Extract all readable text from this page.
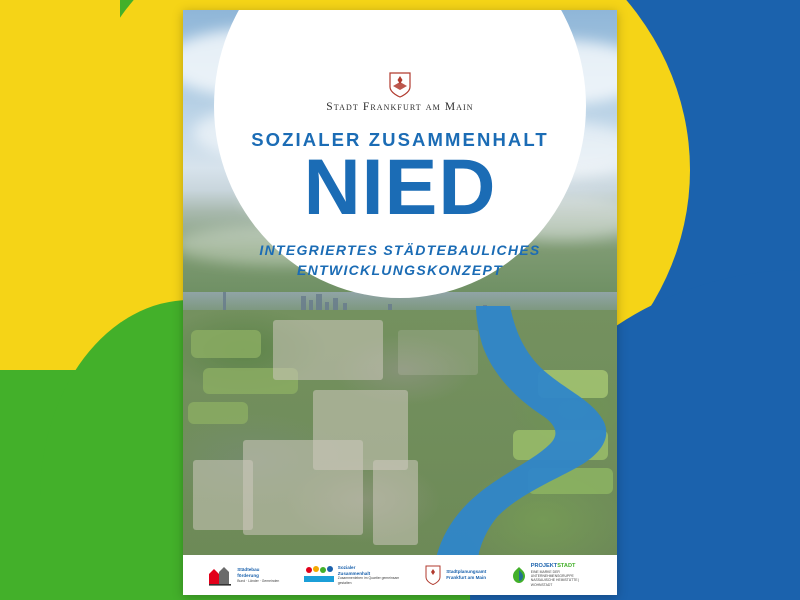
Stadt Frankfurt am Main
SOZIALER ZUSAMMENHALT
NIED
INTEGRIERTES STÄDTEBAULICHES
ENTWICKLUNGSKONZEPT
Städtebau
förderung
Bund · Länder · Gemeinden
Sozialer
Zusammenhalt
Zusammenleben im Quartier gemeinsam gestalten
Stadtplanungsamt
Frankfurt am Main
PROJEKTSTADT
EINE MARKE DER UNTERNEHMENSGRUPPE
NASSAUISCHE HEIMSTÄTTE | WOHNSTADT
